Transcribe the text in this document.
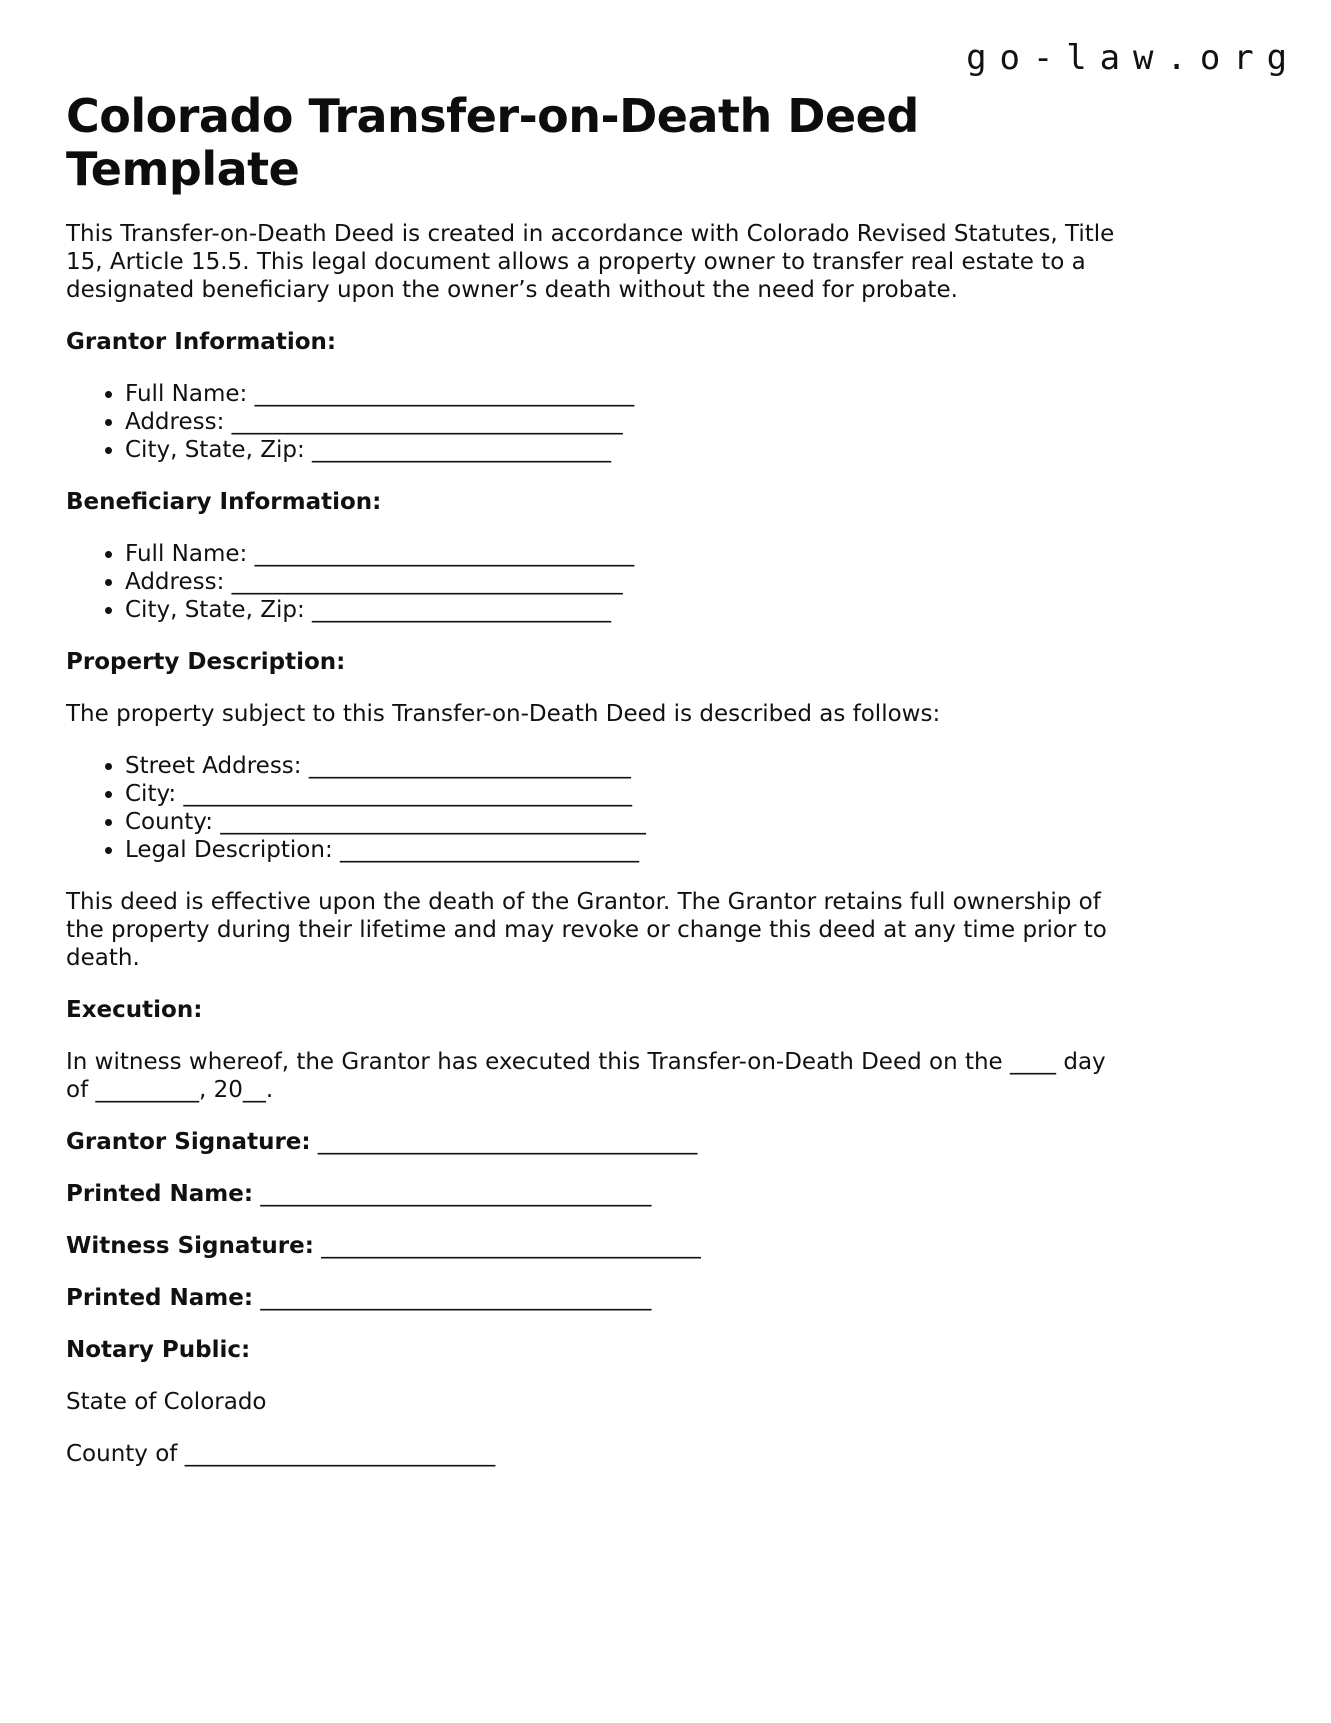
go-law.org
Colorado Transfer-on-Death Deed Template

This Transfer-on-Death Deed is created in accordance with Colorado Revised Statutes, Title 15, Article 15.5. This legal document allows a property owner to transfer real estate to a designated beneficiary upon the owner’s death without the need for probate.

Grantor Information:

• Full Name: _________________________________
• Address: __________________________________
• City, State, Zip: __________________________

Beneficiary Information:

• Full Name: _________________________________
• Address: __________________________________
• City, State, Zip: __________________________

Property Description:

The property subject to this Transfer-on-Death Deed is described as follows:

• Street Address: ____________________________
• City: _______________________________________
• County: _____________________________________
• Legal Description: __________________________

This deed is effective upon the death of the Grantor. The Grantor retains full ownership of the property during their lifetime and may revoke or change this deed at any time prior to death.

Execution:

In witness whereof, the Grantor has executed this Transfer-on-Death Deed on the ____ day of _________, 20__.

Grantor Signature: _________________________________

Printed Name: __________________________________

Witness Signature: _________________________________

Printed Name: __________________________________

Notary Public:

State of Colorado

County of ___________________________
